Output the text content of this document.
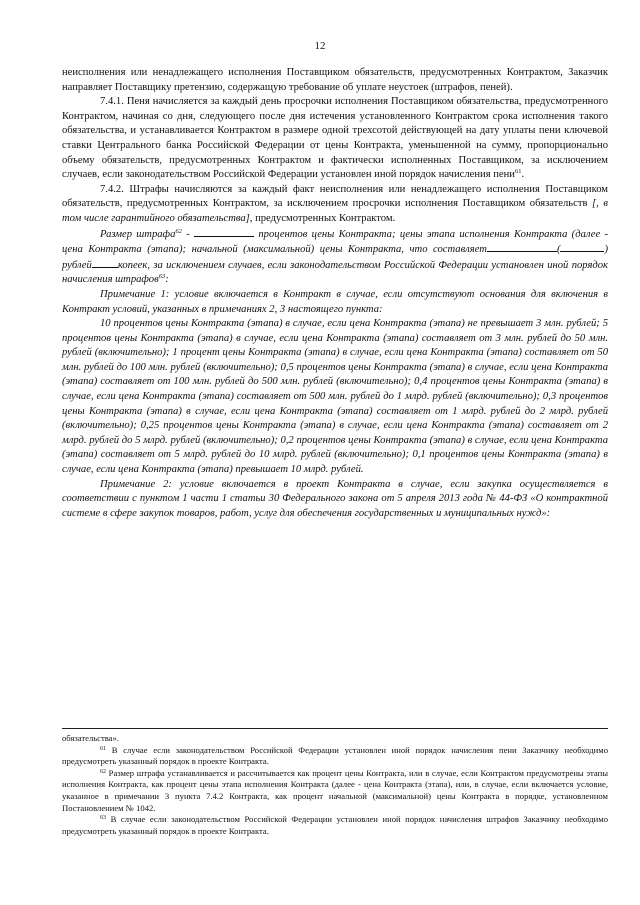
12

неисполнения или ненадлежащего исполнения Поставщиком обязательств, предусмотренных Контрактом, Заказчик направляет Поставщику претензию, содержащую требование об уплате неустоек (штрафов, пеней).

7.4.1. Пеня начисляется за каждый день просрочки исполнения Поставщиком обязательства, предусмотренного Контрактом, начиная со дня, следующего после дня истечения установленного Контрактом срока исполнения такого обязательства, и устанавливается Контрактом в размере одной трехсотой действующей на дату уплаты пени ключевой ставки Центрального банка Российской Федерации от цены Контракта, уменьшенной на сумму, пропорционально объему обязательств, предусмотренных Контрактом и фактически исполненных Поставщиком, за исключением случаев, если законодательством Российской Федерации установлен иной порядок начисления пени$^{61}$.

7.4.2. Штрафы начисляются за каждый факт неисполнения или ненадлежащего исполнения Поставщиком обязательств, предусмотренных Контрактом, за исключением просрочки исполнения Поставщиком обязательств [, в том числе гарантийного обязательства], предусмотренных Контрактом.

Размер штрафа$^{62}$ -	процентов цены Контракта; цены этапа исполнения Контракта (далее - цена Контракта (этапа); начальной (максимальной) цены Контракта, что составляет	(	) рублей копеек, за исключением случаев, если законодательством Российской Федерации установлен иной порядок начисления штрафов$^{63}$:

Примечание 1: условие включается в Контракт в случае, если отсутствуют основания для включения в Контракт условий, указанных в примечаниях 2, 3 настоящего пункта:

10 процентов цены Контракта (этапа) в случае, если цена Контракта (этапа) не превышает 3 млн. рублей; 5 процентов цены Контракта (этапа) в случае, если цена Контракта (этапа) составляет от 3 млн. рублей до 50 млн. рублей (включительно); 1 процент цены Контракта (этапа) в случае, если цена Контракта (этапа) составляет от 50 млн. рублей до 100 млн. рублей (включительно); 0,5 процентов цены Контракта (этапа) в случае, если цена Контракта (этапа) составляет от 100 млн. рублей до 500 млн. рублей (включительно); 0,4 процентов цены Контракта (этапа) в случае, если цена Контракта (этапа) составляет от 500 млн. рублей до 1 млрд. рублей (включительно); 0,3 процентов цены Контракта (этапа) в случае, если цена Контракта (этапа) составляет от 1 млрд. рублей до 2 млрд. рублей (включительно); 0,25 процентов цены Контракта (этапа) в случае, если цена Контракта (этапа) составляет от 2 млрд. рублей до 5 млрд. рублей (включительно); 0,2 процентов цены Контракта (этапа) в случае, если цена Контракта (этапа) составляет от 5 млрд. рублей до 10 млрд. рублей (включительно); 0,1 процентов цены Контракта (этапа) в случае, если цена Контракта (этапа) превышает 10 млрд. рублей.

Примечание 2: условие включается в проект Контракта в случае, если закупка осуществляется в соответствии с пунктом 1 части 1 статьи 30 Федерального закона от 5 апреля 2013 года № 44-ФЗ «О контрактной системе в сфере закупок товаров, работ, услуг для обеспечения государственных и муниципальных нужд»:

обязательства».

$^{61}$ В случае если законодательством Российской Федерации установлен иной порядок начисления пени Заказчику необходимо предусмотреть указанный порядок в проекте Контракта.

$^{62}$ Размер штрафа устанавливается и рассчитывается как процент цены Контракта, или в случае, если Контрактом предусмотрены этапы исполнения Контракта, как процент цены этапа исполнения Контракта (далее - цена Контракта (этапа), или, в случае, если включается условие, указанное в примечании 3 пункта 7.4.2 Контракта, как процент начальной (максимальной) цены Контракта в порядке, установленном Постановлением № 1042.

$^{63}$ В случае если законодательством Российской Федерации установлен иной порядок начисления штрафов Заказчику необходимо предусмотреть указанный порядок в проекте Контракта.
